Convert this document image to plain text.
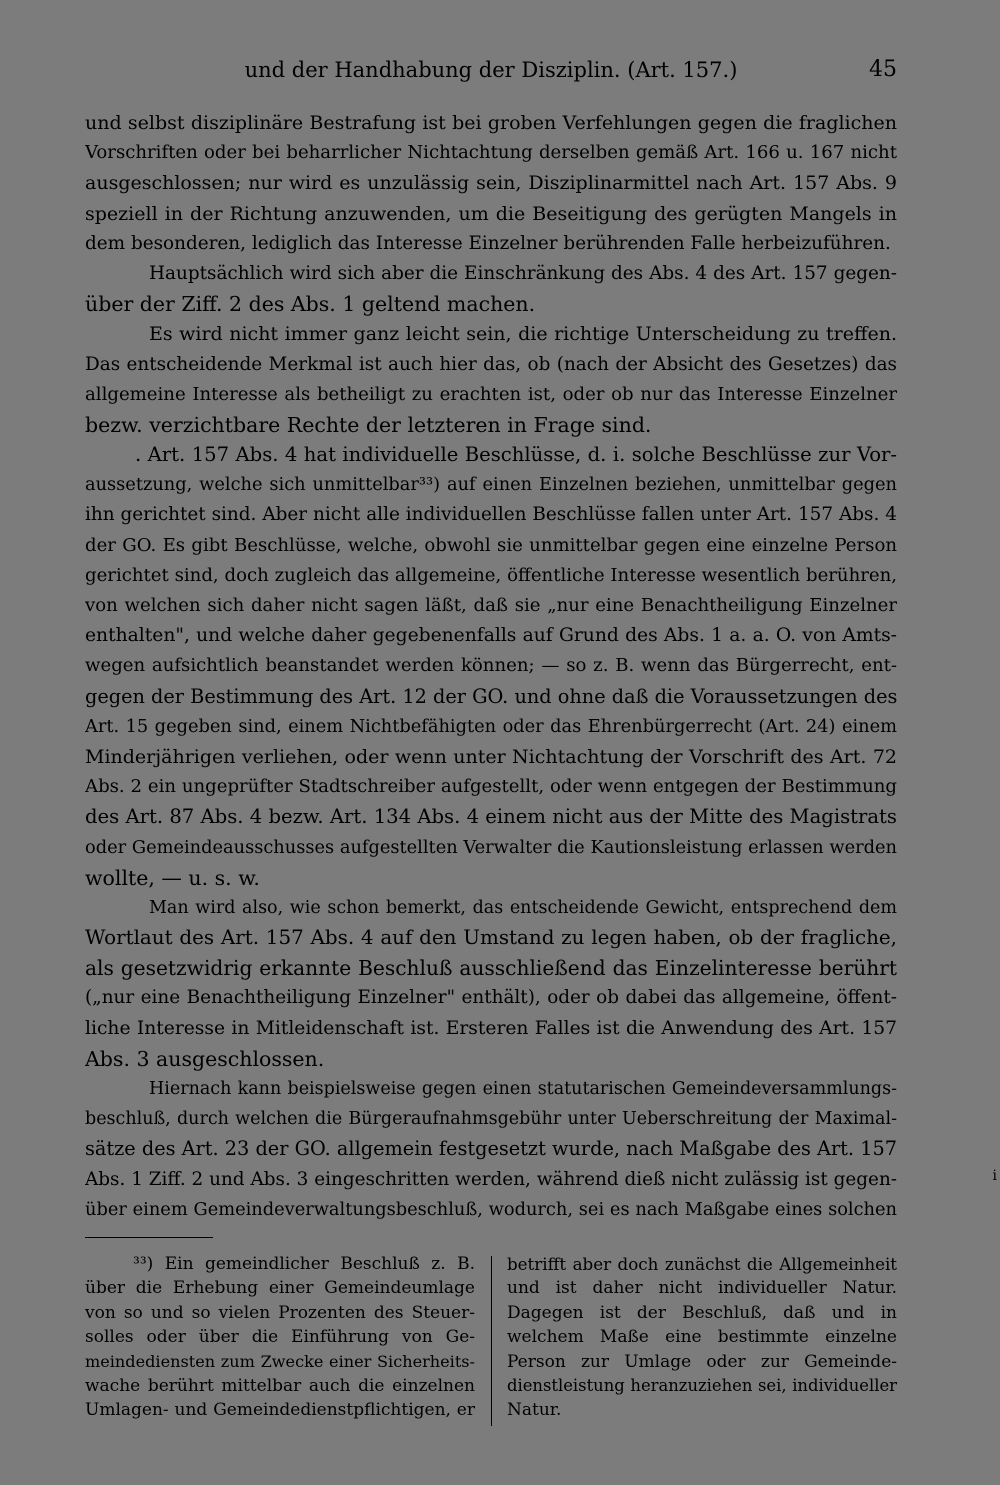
und der Handhabung der Disziplin. (Art. 157.)	45
und selbst disziplinäre Bestrafung ist bei groben Verfehlungen gegen die fraglichen
Vorschriften oder bei beharrlicher Nichtachtung derselben gemäß Art. 166 u. 167 nicht
ausgeschlossen; nur wird es unzulässig sein, Disziplinarmittel nach Art. 157 Abs. 9
speziell in der Richtung anzuwenden, um die Beseitigung des gerügten Mangels in
dem besonderen, lediglich das Interesse Einzelner berührenden Falle herbeizuführen.
Hauptsächlich wird sich aber die Einschränkung des Abs. 4 des Art. 157 gegen-
über der Ziff. 2 des Abs. 1 geltend machen.
Es wird nicht immer ganz leicht sein, die richtige Unterscheidung zu treffen.
Das entscheidende Merkmal ist auch hier das, ob (nach der Absicht des Gesetzes) das
allgemeine Interesse als betheiligt zu erachten ist, oder ob nur das Interesse Einzelner
bezw. verzichtbare Rechte der letzteren in Frage sind.
. Art. 157 Abs. 4 hat individuelle Beschlüsse, d. i. solche Beschlüsse zur Vor-
aussetzung, welche sich unmittelbar³³) auf einen Einzelnen beziehen, unmittelbar gegen
ihn gerichtet sind. Aber nicht alle individuellen Beschlüsse fallen unter Art. 157 Abs. 4
der GO. Es gibt Beschlüsse, welche, obwohl sie unmittelbar gegen eine einzelne Person
gerichtet sind, doch zugleich das allgemeine, öffentliche Interesse wesentlich berühren,
von welchen sich daher nicht sagen läßt, daß sie „nur eine Benachtheiligung Einzelner
enthalten", und welche daher gegebenenfalls auf Grund des Abs. 1 a. a. O. von Amts-
wegen aufsichtlich beanstandet werden können; — so z. B. wenn das Bürgerrecht, ent-
gegen der Bestimmung des Art. 12 der GO. und ohne daß die Voraussetzungen des
Art. 15 gegeben sind, einem Nichtbefähigten oder das Ehrenbürgerrecht (Art. 24) einem
Minderjährigen verliehen, oder wenn unter Nichtachtung der Vorschrift des Art. 72
Abs. 2 ein ungeprüfter Stadtschreiber aufgestellt, oder wenn entgegen der Bestimmung
des Art. 87 Abs. 4 bezw. Art. 134 Abs. 4 einem nicht aus der Mitte des Magistrats
oder Gemeindeausschusses aufgestellten Verwalter die Kautionsleistung erlassen werden
wollte, — u. s. w.
Man wird also, wie schon bemerkt, das entscheidende Gewicht, entsprechend dem
Wortlaut des Art. 157 Abs. 4 auf den Umstand zu legen haben, ob der fragliche,
als gesetzwidrig erkannte Beschluß ausschließend das Einzelinteresse berührt
(„nur eine Benachtheiligung Einzelner" enthält), oder ob dabei das allgemeine, öffent-
liche Interesse in Mitleidenschaft ist. Ersteren Falles ist die Anwendung des Art. 157
Abs. 3 ausgeschlossen.
Hiernach kann beispielsweise gegen einen statutarischen Gemeindeversammlungs-
beschluß, durch welchen die Bürgeraufnahmsgebühr unter Ueberschreitung der Maximal-
sätze des Art. 23 der GO. allgemein festgesetzt wurde, nach Maßgabe des Art. 157
Abs. 1 Ziff. 2 und Abs. 3 eingeschritten werden, während dieß nicht zulässig ist gegen-
über einem Gemeindeverwaltungsbeschluß, wodurch, sei es nach Maßgabe eines solchen
³³) Ein gemeindlicher Beschluß z. B.
über die Erhebung einer Gemeindeumlage
von so und so vielen Prozenten des Steuer-
solles oder über die Einführung von Ge-
meindediensten zum Zwecke einer Sicherheits-
wache berührt mittelbar auch die einzelnen
Umlagen- und Gemeindedienstpflichtigen, er
betrifft aber doch zunächst die Allgemeinheit
und ist daher nicht individueller Natur.
Dagegen ist der Beschluß, daß und in
welchem Maße eine bestimmte einzelne
Person zur Umlage oder zur Gemeinde-
dienstleistung heranzuziehen sei, individueller
Natur.
i
